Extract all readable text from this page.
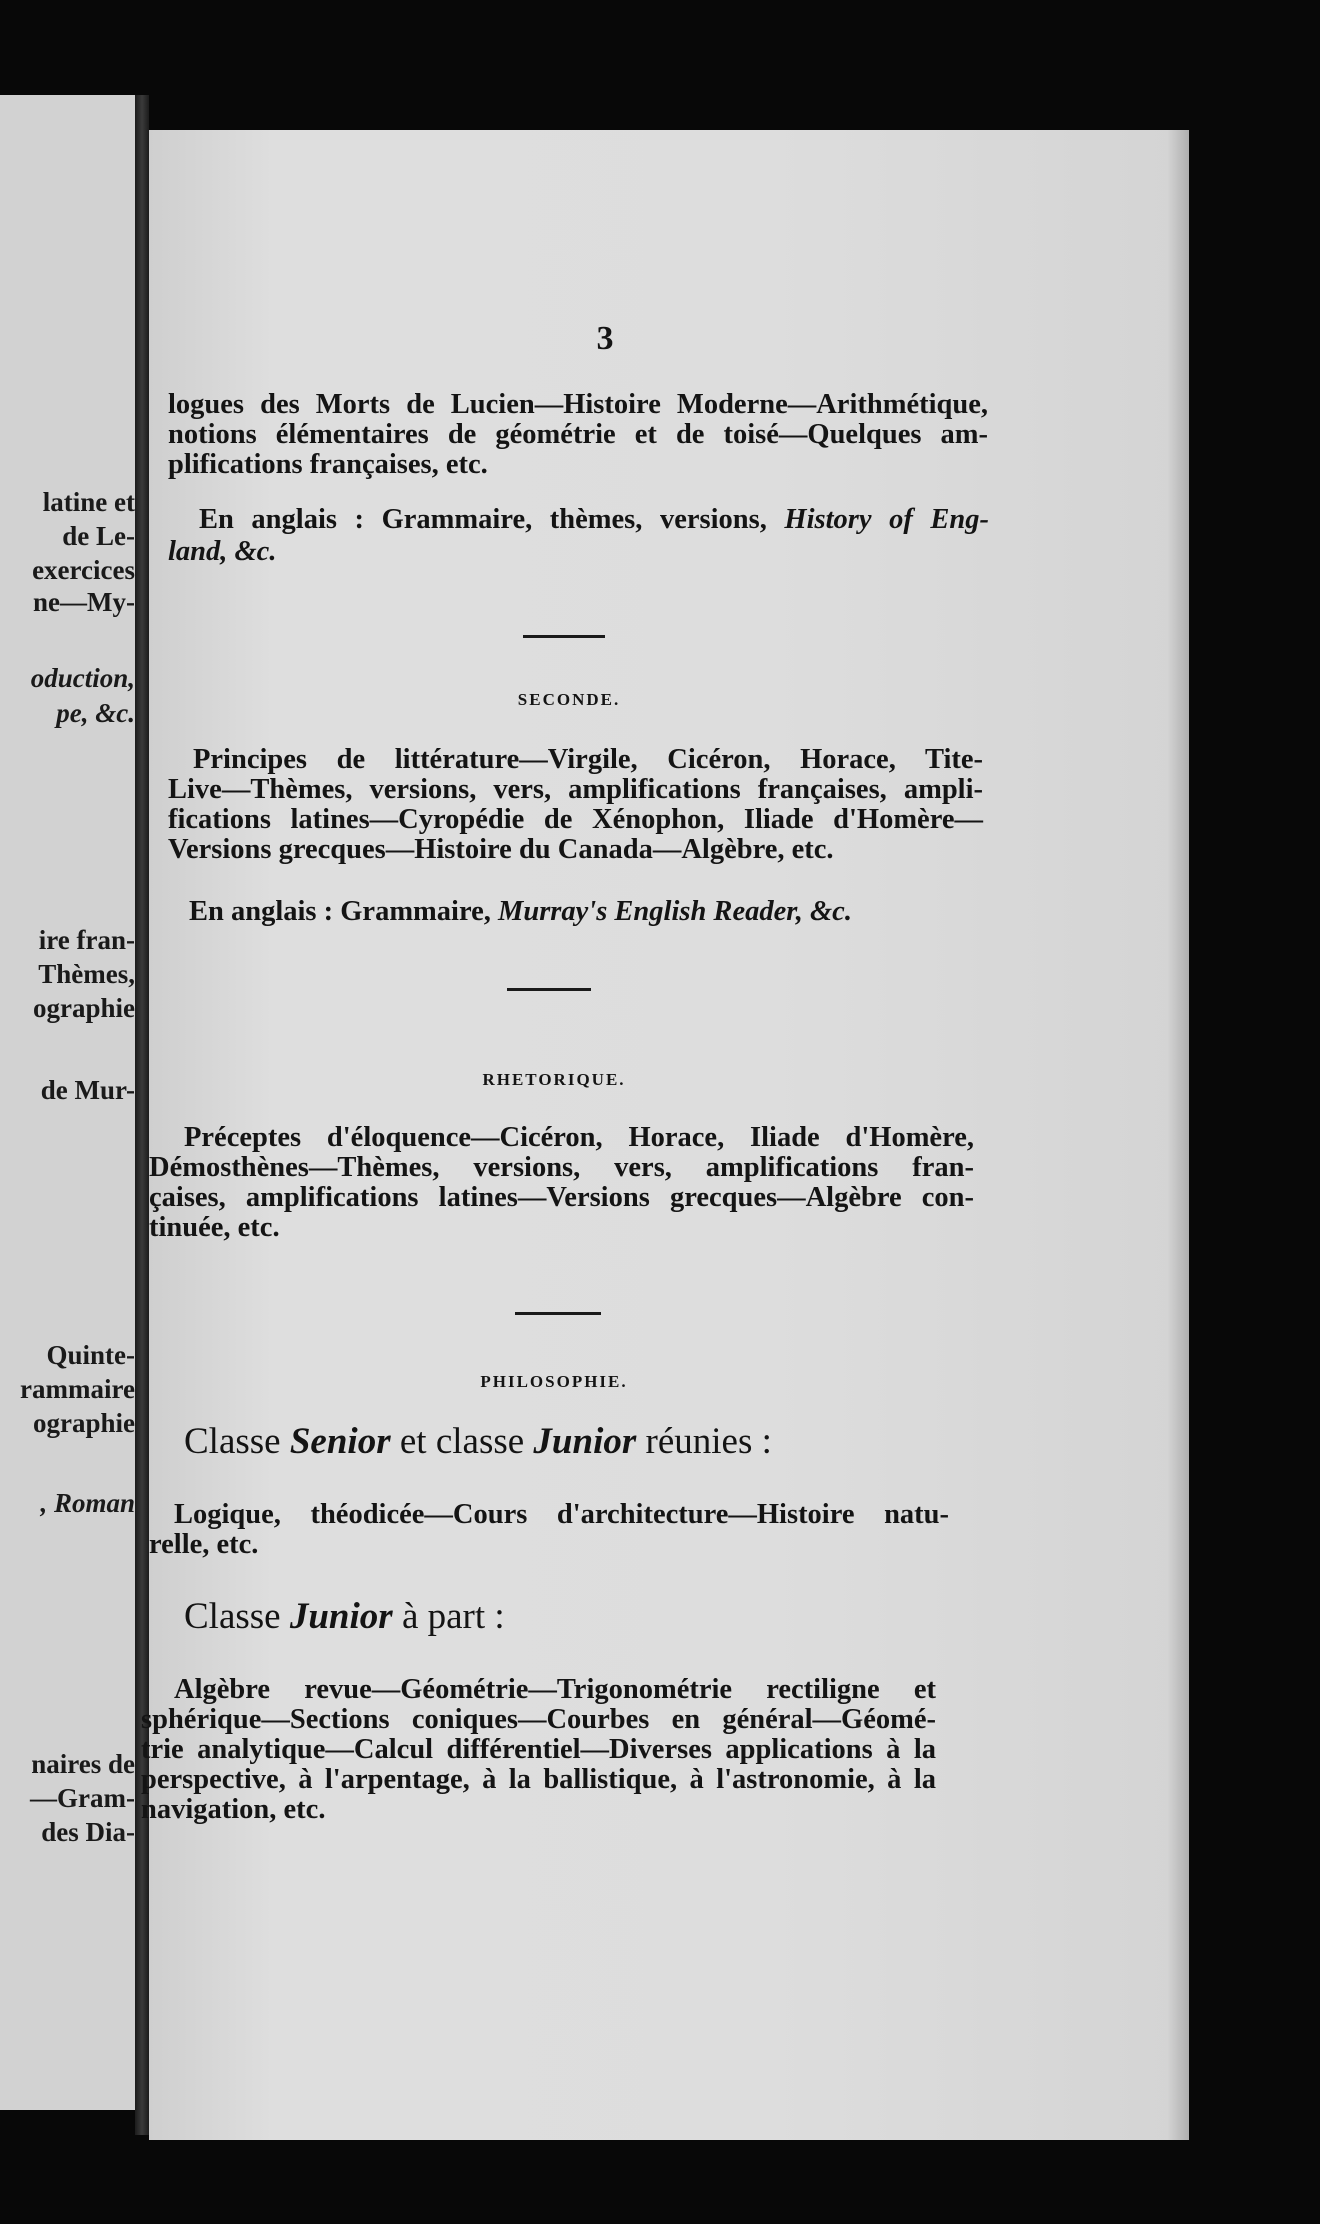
latine et
de Le-
exercices
ne—My-
oduction,
pe, &c.
ire fran-
Thèmes,
ographie
de Mur-
Quinte-
rammaire
ographie
, Roman
naires de
—Gram-
des Dia-
3
logues des Morts de Lucien—Histoire Moderne—Arithmétique,
notions élémentaires de géométrie et de toisé—Quelques am-
plifications françaises, etc.
En anglais : Grammaire, thèmes, versions, History of Eng-
land, &c.
SECONDE.
Principes de littérature—Virgile, Cicéron, Horace, Tite-
Live—Thèmes, versions, vers, amplifications françaises, ampli-
fications latines—Cyropédie de Xénophon, Iliade d'Homère—
Versions grecques—Histoire du Canada—Algèbre, etc.
En anglais : Grammaire, Murray's English Reader, &c.
RHETORIQUE.
Préceptes d'éloquence—Cicéron, Horace, Iliade d'Homère,
Démosthènes—Thèmes, versions, vers, amplifications fran-
çaises, amplifications latines—Versions grecques—Algèbre con-
tinuée, etc.
PHILOSOPHIE.
Classe Senior et classe Junior réunies :
Logique, théodicée—Cours d'architecture—Histoire natu-
relle, etc.
Classe Junior à part :
Algèbre revue—Géométrie—Trigonométrie rectiligne et
sphérique—Sections coniques—Courbes en général—Géomé-
trie analytique—Calcul différentiel—Diverses applications à la
perspective, à l'arpentage, à la ballistique, à l'astronomie, à la
navigation, etc.
